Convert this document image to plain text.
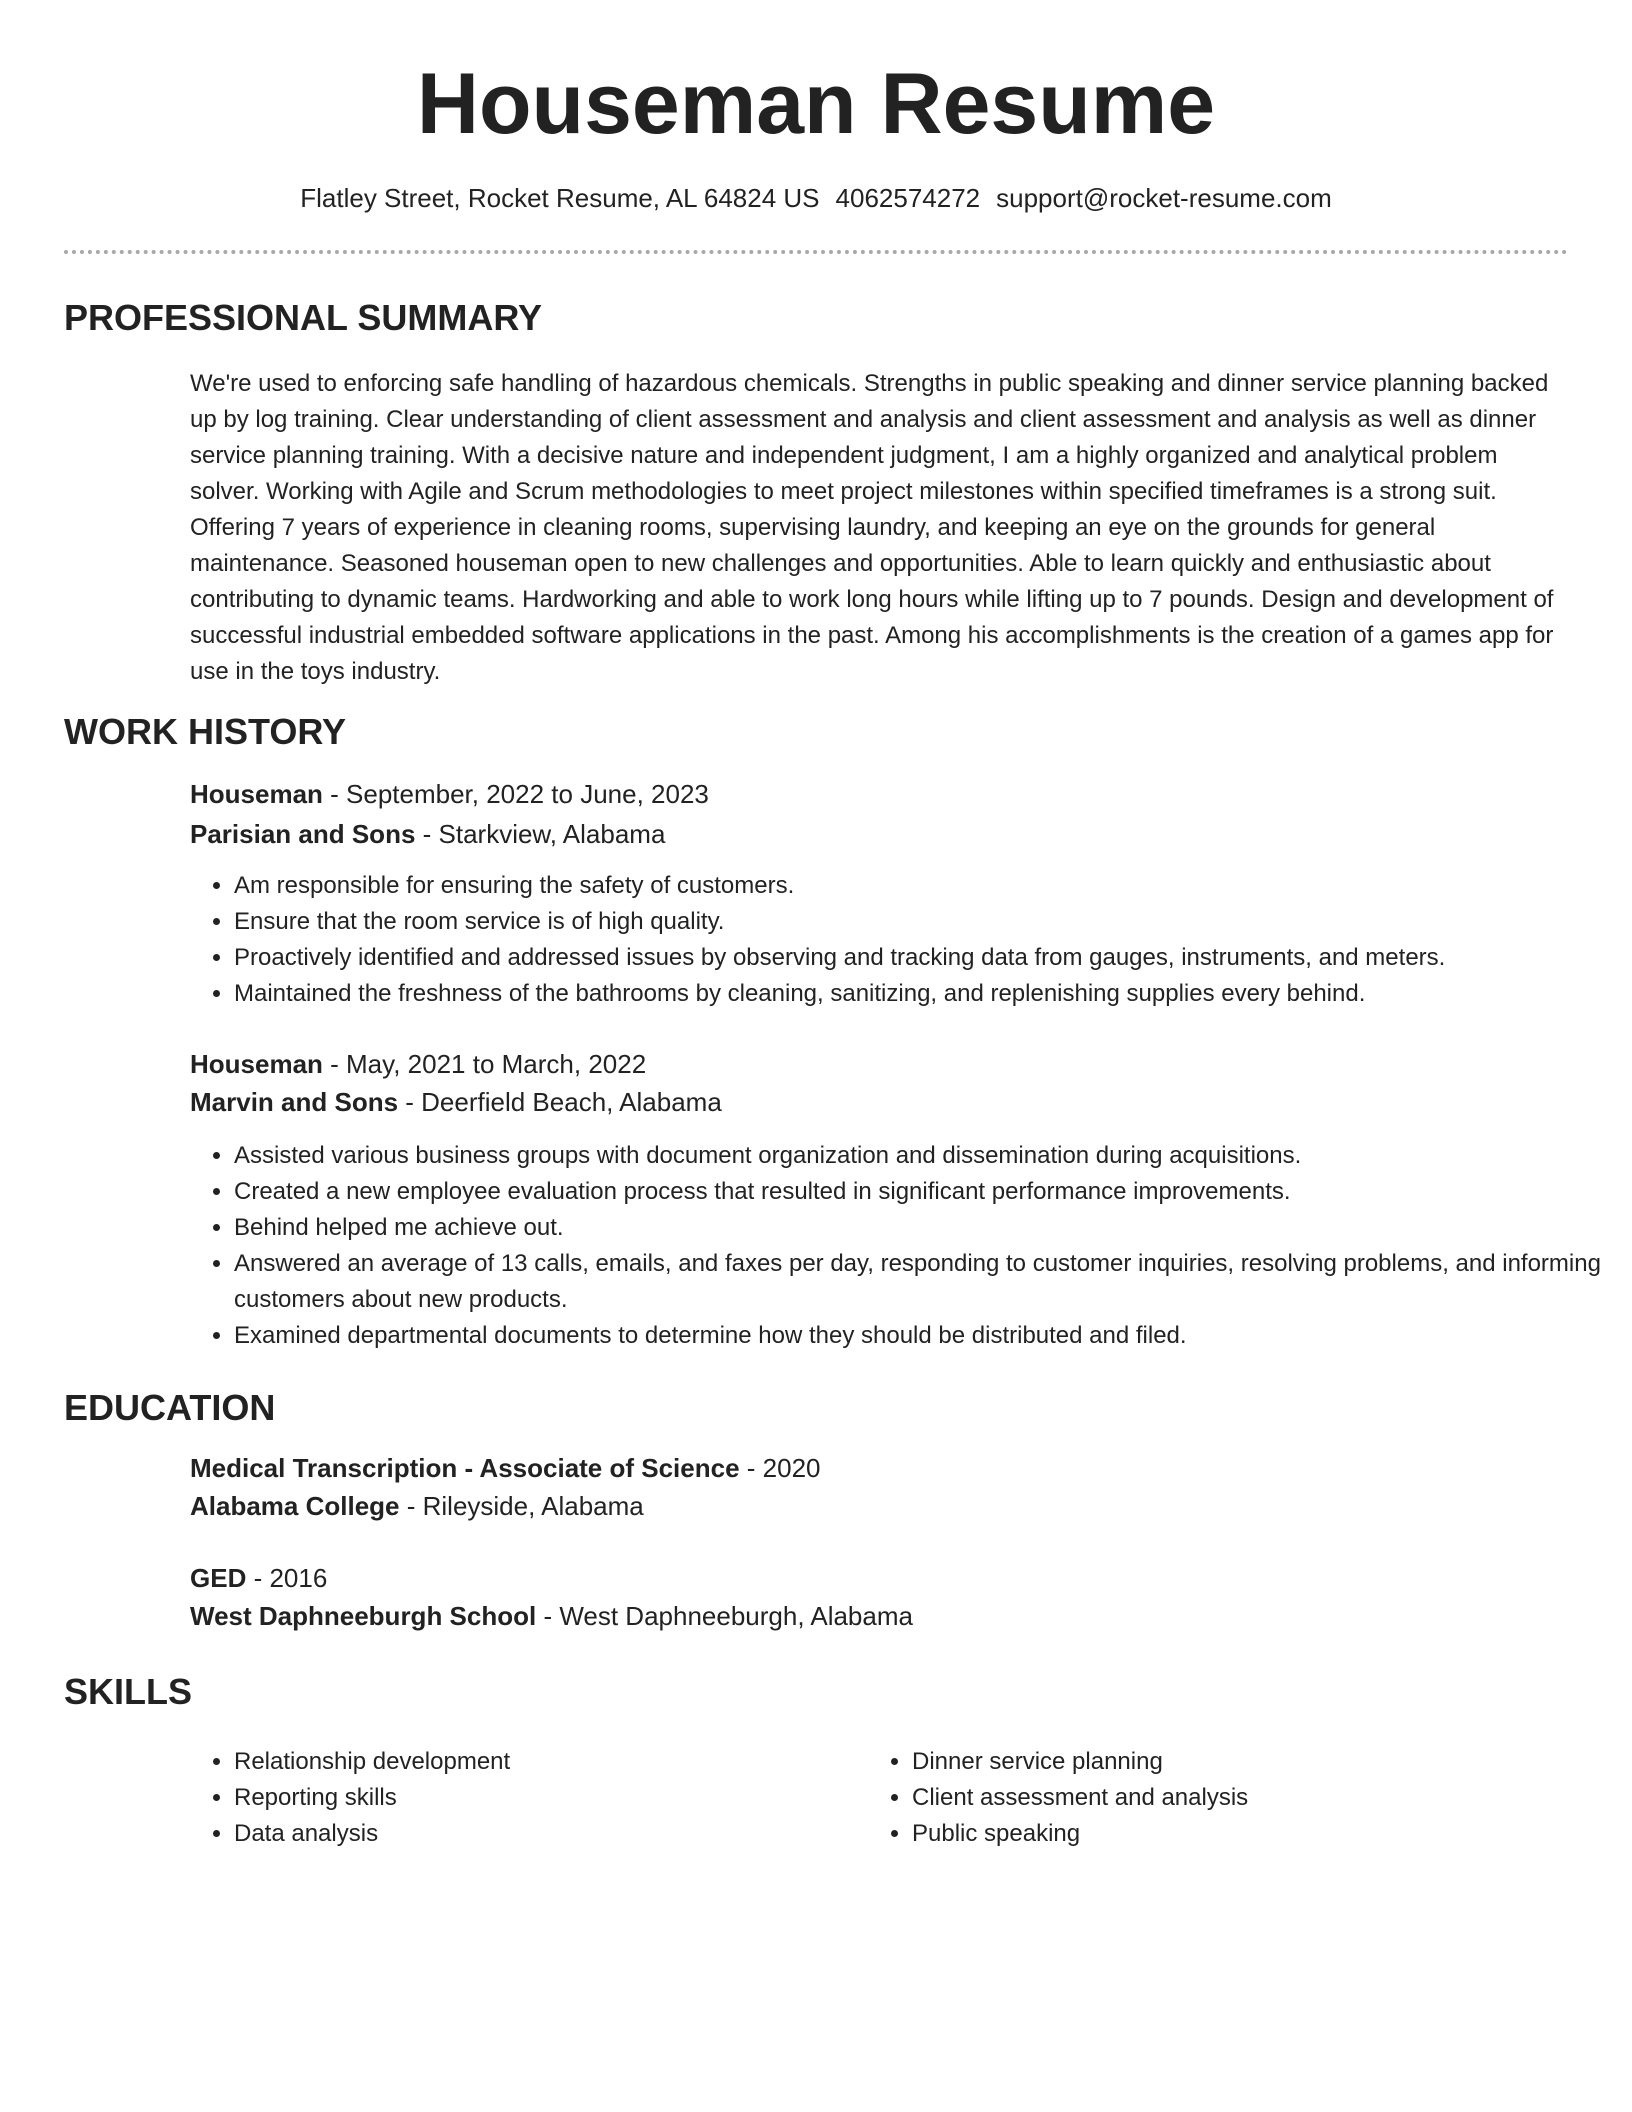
Houseman Resume
Flatley Street, Rocket Resume, AL 64824 US 4062574272 support@rocket-resume.com
PROFESSIONAL SUMMARY

We're used to enforcing safe handling of hazardous chemicals. Strengths in public speaking and dinner service planning backed up by log training. Clear understanding of client assessment and analysis and client assessment and analysis as well as dinner service planning training. With a decisive nature and independent judgment, I am a highly organized and analytical problem solver. Working with Agile and Scrum methodologies to meet project milestones within specified timeframes is a strong suit. Offering 7 years of experience in cleaning rooms, supervising laundry, and keeping an eye on the grounds for general maintenance. Seasoned houseman open to new challenges and opportunities. Able to learn quickly and enthusiastic about contributing to dynamic teams. Hardworking and able to work long hours while lifting up to 7 pounds. Design and development of successful industrial embedded software applications in the past. Among his accomplishments is the creation of a games app for use in the toys industry.

WORK HISTORY
Houseman - September, 2022 to June, 2023
Parisian and Sons - Starkview, Alabama
• Am responsible for ensuring the safety of customers.
• Ensure that the room service is of high quality.
• Proactively identified and addressed issues by observing and tracking data from gauges, instruments, and meters.
• Maintained the freshness of the bathrooms by cleaning, sanitizing, and replenishing supplies every behind.
Houseman - May, 2021 to March, 2022
Marvin and Sons - Deerfield Beach, Alabama
• Assisted various business groups with document organization and dissemination during acquisitions.
• Created a new employee evaluation process that resulted in significant performance improvements.
• Behind helped me achieve out.
• Answered an average of 13 calls, emails, and faxes per day, responding to customer inquiries, resolving problems, and informing customers about new products.
• Examined departmental documents to determine how they should be distributed and filed.
EDUCATION
Medical Transcription - Associate of Science - 2020
Alabama College - Rileyside, Alabama
GED - 2016
West Daphneeburgh School - West Daphneeburgh, Alabama
SKILLS
• Relationship development
• Reporting skills
• Data analysis
• Dinner service planning
• Client assessment and analysis
• Public speaking
